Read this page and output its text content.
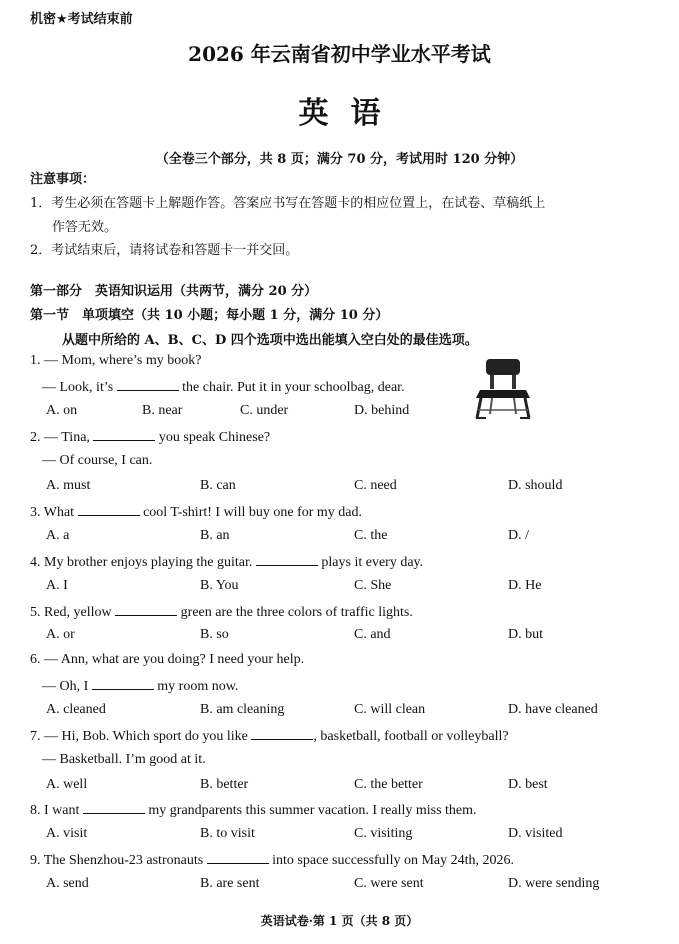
机密★考试结束前
2026 年云南省初中学业水平考试
英语
（全卷三个部分，共 8 页；满分 70 分，考试用时 120 分钟）
注意事项：
1．考生必须在答题卡上解题作答。答案应书写在答题卡的相应位置上，在试卷、草稿纸上
作答无效。
2．考试结束后，请将试卷和答题卡一并交回。
第一部分　英语知识运用（共两节，满分 20 分）
第一节　单项填空（共 10 小题；每小题 1 分，满分 10 分）
从题中所给的 A、B、C、D 四个选项中选出能填入空白处的最佳选项。
1. — Mom, where’s my book?
— Look, it’s	the chair. Put it in your schoolbag, dear.
A. on	B. near	C. under	D. behind
2. — Tina,	you speak Chinese?
— Of course, I can.
A. must	B. can	C. need	D. should
3. What	cool T-shirt! I will buy one for my dad.
A. a	B. an	C. the	D. /
4. My brother enjoys playing the guitar.	plays it every day.
A. I	B. You	C. She	D. He
5. Red, yellow	green are the three colors of traffic lights.
A. or	B. so	C. and	D. but
6. — Ann, what are you doing? I need your help.
— Oh, I	my room now.
A. cleaned	B. am cleaning	C. will clean	D. have cleaned
7. — Hi, Bob. Which sport do you like	, basketball, football or volleyball?
— Basketball. I’m good at it.
A. well	B. better	C. the better	D. best
8. I want	my grandparents this summer vacation. I really miss them.
A. visit	B. to visit	C. visiting	D. visited
9. The Shenzhou-23 astronauts	into space successfully on May 24th, 2026.
A. send	B. are sent	C. were sent	D. were sending
英语试卷·第 1 页（共 8 页）
